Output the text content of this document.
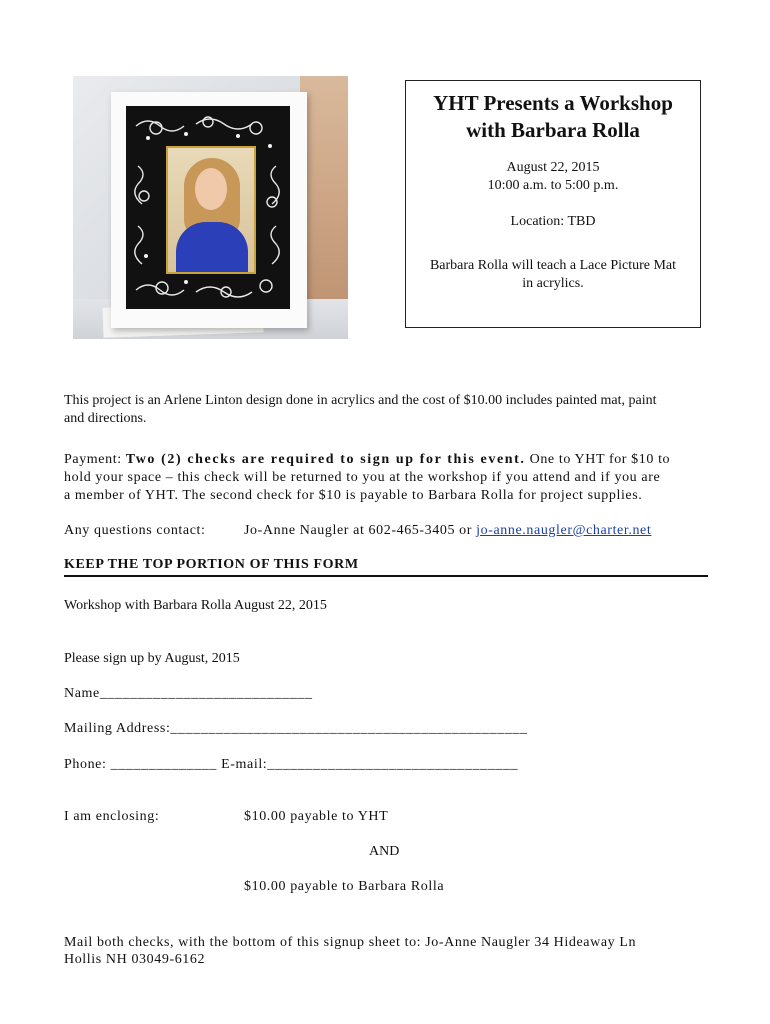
YHT Presents a Workshop
with Barbara Rolla
August 22, 2015
10:00 a.m. to 5:00 p.m.
Location: TBD
Barbara Rolla will teach a Lace Picture Mat
in acrylics.
This project is an Arlene Linton design done in acrylics and the cost of $10.00 includes painted mat, paint
and directions.
Payment: Two (2) checks are required to sign up for this event. One to YHT for $10 to
hold your space – this check will be returned to you at the workshop if you attend and if you are
a member of YHT. The second check for $10 is payable to Barbara Rolla for project supplies.
Any questions contact:	Jo-Anne Naugler at 602-465-3405 or jo-anne.naugler@charter.net
KEEP THE TOP PORTION OF THIS FORM
Workshop with Barbara Rolla August 22, 2015
Please sign up by August, 2015
Name____________________________
Mailing Address:_______________________________________________
Phone: ______________ E-mail:_________________________________
I am enclosing:	$10.00 payable to YHT
AND
$10.00 payable to Barbara Rolla
Mail both checks, with the bottom of this signup sheet to: Jo-Anne Naugler 34 Hideaway Ln
Hollis NH 03049-6162
